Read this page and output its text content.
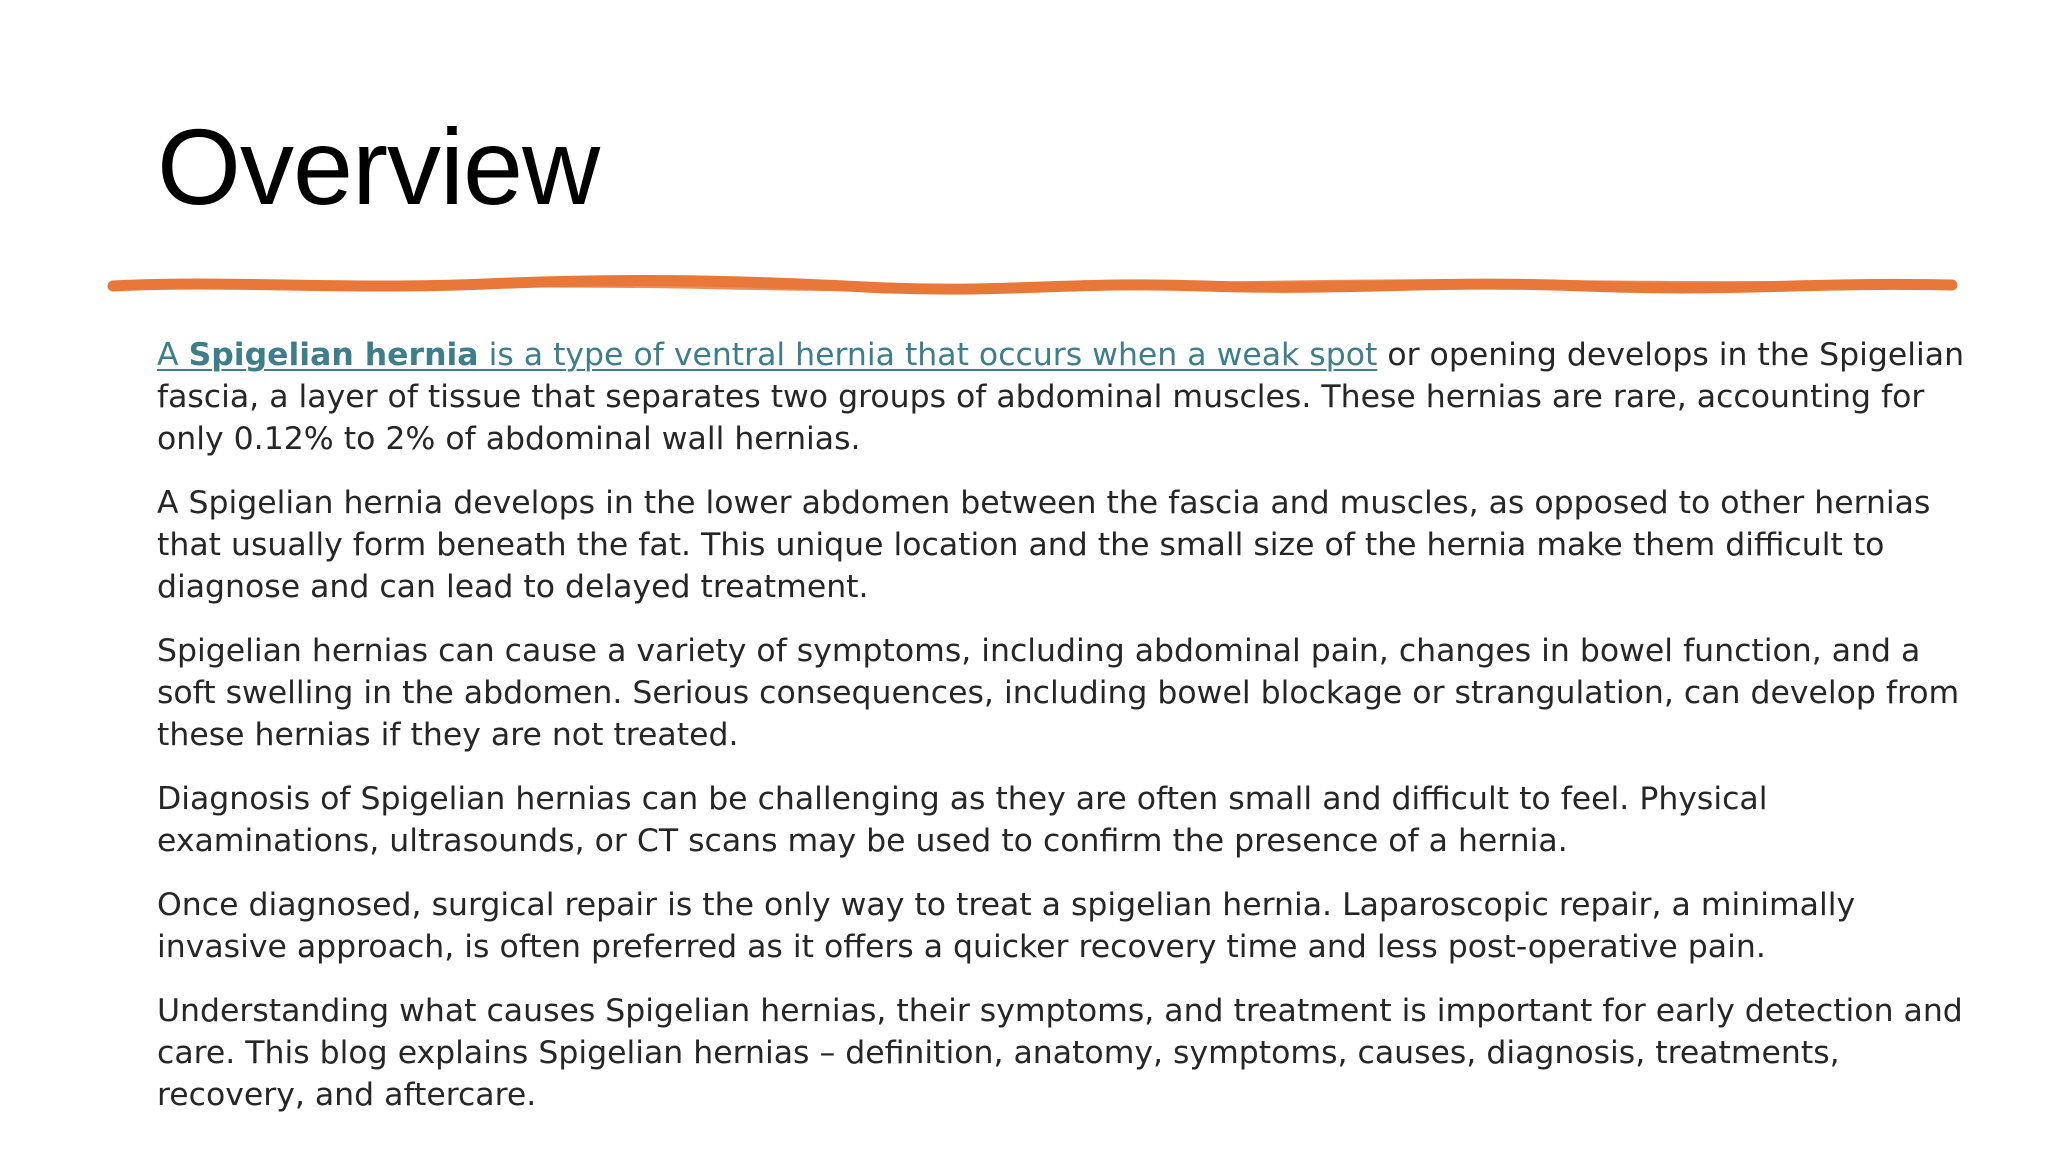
Overview

A Spigelian hernia is a type of ventral hernia that occurs when a weak spot or opening develops in the Spigelian fascia, a layer of tissue that separates two groups of abdominal muscles. These hernias are rare, accounting for only 0.12% to 2% of abdominal wall hernias.

A Spigelian hernia develops in the lower abdomen between the fascia and muscles, as opposed to other hernias that usually form beneath the fat. This unique location and the small size of the hernia make them difficult to diagnose and can lead to delayed treatment.

Spigelian hernias can cause a variety of symptoms, including abdominal pain, changes in bowel function, and a soft swelling in the abdomen. Serious consequences, including bowel blockage or strangulation, can develop from these hernias if they are not treated.

Diagnosis of Spigelian hernias can be challenging as they are often small and difficult to feel. Physical examinations, ultrasounds, or CT scans may be used to confirm the presence of a hernia.

Once diagnosed, surgical repair is the only way to treat a spigelian hernia. Laparoscopic repair, a minimally invasive approach, is often preferred as it offers a quicker recovery time and less post-operative pain.

Understanding what causes Spigelian hernias, their symptoms, and treatment is important for early detection and care. This blog explains Spigelian hernias – definition, anatomy, symptoms, causes, diagnosis, treatments, recovery, and aftercare.
